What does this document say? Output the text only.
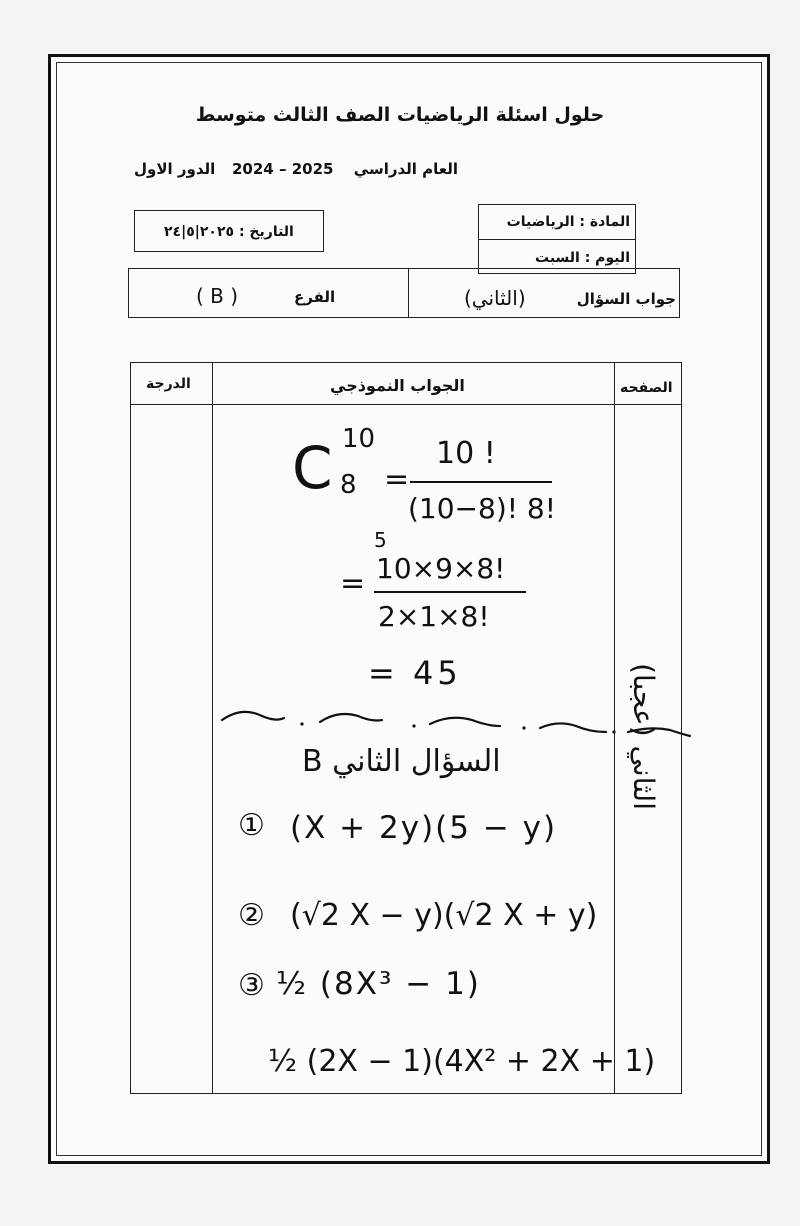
حلول اسئلة الرياضيات الصف الثالث متوسط
العام الدراسي
2024 – 2025
الدور الاول
التاريخ : ٢٠٢٥|٥|٢٤
المادة : الرياضيات
اليوم : السبت
جواب السؤال
(الثاني)
الفرع
( B )
الصفحه
الجواب النموذجي
الدرجة
الثاني (عجبا)
C 10
8 =
10 !
(10−8)! 8!
5
= 10×9×8!
2×1×8!
= 45
السؤال الثاني B
① (X + 2y)(5 − y)
② (√2 X − y)(√2 X + y)
③ ½ (8X³ − 1)
½ (2X − 1)(4X² + 2X + 1)
